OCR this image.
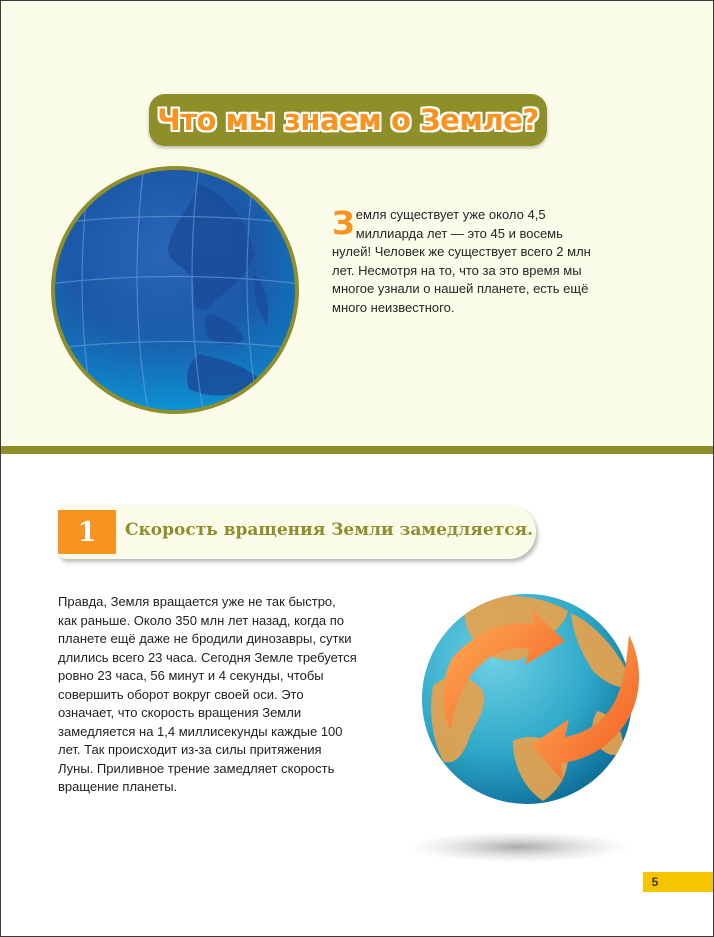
Что мы знаем о Земле?

Земля существует уже около 4,5 миллиарда лет — это 45 и восемь нулей! Человек же существует всего 2 млн лет. Несмотря на то, что за это время мы многое узнали о нашей планете, есть ещё много неизвестного.

1	Скорость вращения Земли замедляется.

Правда, Земля вращается уже не так быстро, как раньше. Около 350 млн лет назад, когда по планете ещё даже не бродили динозавры, сутки длились всего 23 часа. Сегодня Земле требуется ровно 23 часа, 56 минут и 4 секунды, чтобы совершить оборот вокруг своей оси. Это означает, что скорость вращения Земли замедляется на 1,4 миллисекунды каждые 100 лет. Так происходит из-за силы притяжения Луны. Приливное трение замедляет скорость вращение планеты.

5
